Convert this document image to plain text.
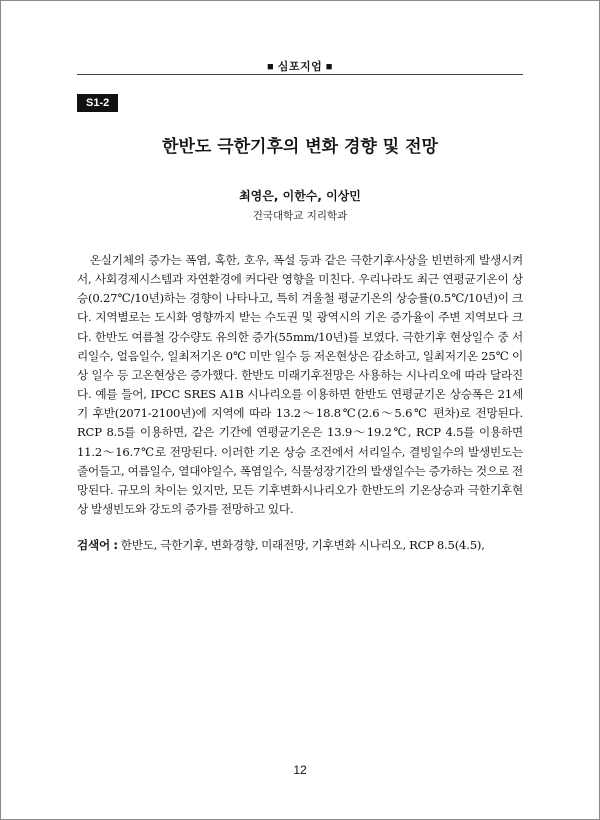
■ 심포지엄 ■
S1-2
한반도 극한기후의 변화 경향 및 전망
최영은, 이한수, 이상민
건국대학교 지리학과

온실기체의 증가는 폭염, 혹한, 호우, 폭설 등과 같은 극한기후사상을 빈번하게 발생시켜서, 사회경제시스템과 자연환경에 커다란 영향을 미친다. 우리나라도 최근 연평균기온이 상승(0.27℃/10년)하는 경향이 나타나고, 특히 겨울철 평균기온의 상승률(0.5℃/10년)이 크다. 지역별로는 도시화 영향까지 받는 수도권 및 광역시의 기온 증가율이 주변 지역보다 크다. 한반도 여름철 강수량도 유의한 증가(55mm/10년)를 보였다. 극한기후 현상일수 중 서리일수, 얼음일수, 일최저기온 0℃ 미만 일수 등 저온현상은 감소하고, 일최저기온 25℃ 이상 일수 등 고온현상은 증가했다. 한반도 미래기후전망은 사용하는 시나리오에 따라 달라진다. 예를 들어, IPCC SRES A1B 시나리오를 이용하면 한반도 연평균기온 상승폭은 21세기 후반(2071-2100년)에 지역에 따라 13.2～18.8℃(2.6～5.6℃ 편차)로 전망된다. RCP 8.5를 이용하면, 같은 기간에 연평균기온은 13.9～19.2℃, RCP 4.5를 이용하면 11.2～16.7℃로 전망된다. 이러한 기온 상승 조건에서 서리일수, 결빙일수의 발생빈도는 줄어들고, 여름일수, 열대야일수, 폭염일수, 식물성장기간의 발생일수는 증가하는 것으로 전망된다. 규모의 차이는 있지만, 모든 기후변화시나리오가 한반도의 기온상승과 극한기후현상 발생빈도와 강도의 증가를 전망하고 있다.

검색어 : 한반도, 극한기후, 변화경향, 미래전망, 기후변화 시나리오, RCP 8.5(4.5),

12
